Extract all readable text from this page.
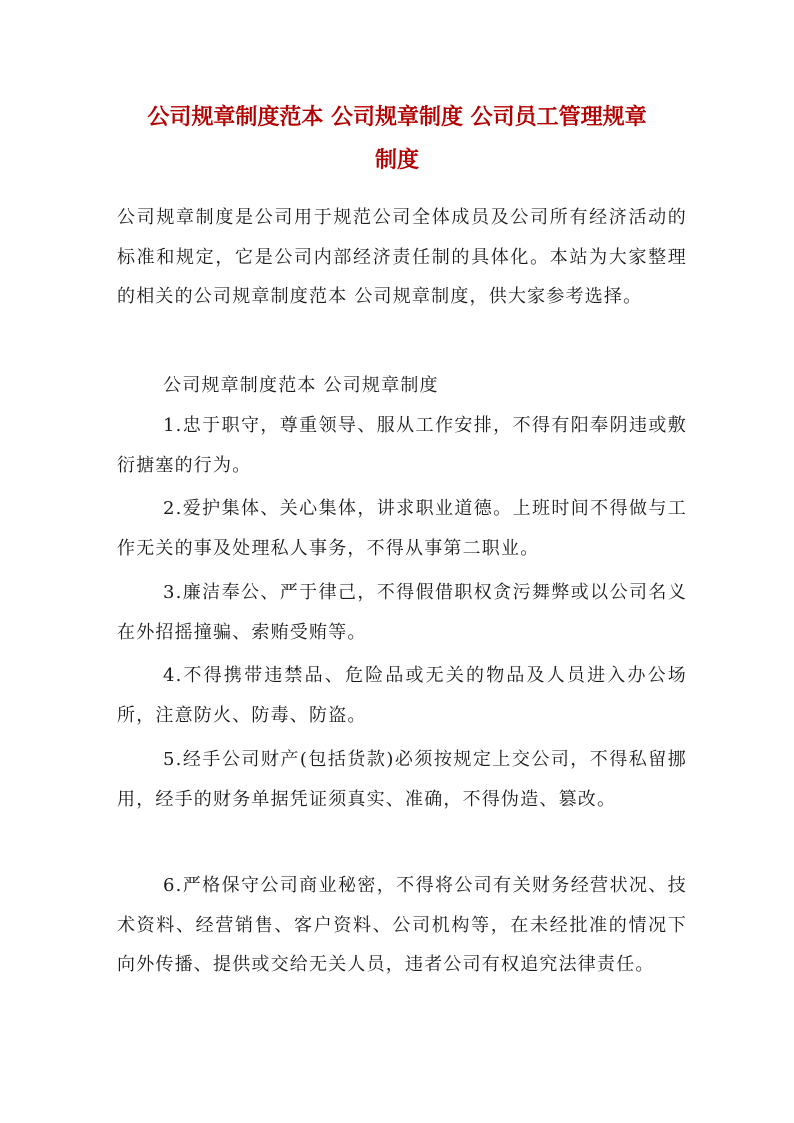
公司规章制度范本 公司规章制度 公司员工管理规章
制度

公司规章制度是公司用于规范公司全体成员及公司所有经济活动的标准和规定，它是公司内部经济责任制的具体化。本站为大家整理的相关的公司规章制度范本 公司规章制度，供大家参考选择。

公司规章制度范本 公司规章制度

1.忠于职守，尊重领导、服从工作安排，不得有阳奉阴违或敷衍搪塞的行为。

2.爱护集体、关心集体，讲求职业道德。上班时间不得做与工作无关的事及处理私人事务，不得从事第二职业。

3.廉洁奉公、严于律己，不得假借职权贪污舞弊或以公司名义在外招摇撞骗、索贿受贿等。

4.不得携带违禁品、危险品或无关的物品及人员进入办公场所，注意防火、防毒、防盗。

5.经手公司财产(包括货款)必须按规定上交公司，不得私留挪用，经手的财务单据凭证须真实、准确，不得伪造、篡改。

6.严格保守公司商业秘密，不得将公司有关财务经营状况、技术资料、经营销售、客户资料、公司机构等，在未经批准的情况下向外传播、提供或交给无关人员，违者公司有权追究法律责任。
